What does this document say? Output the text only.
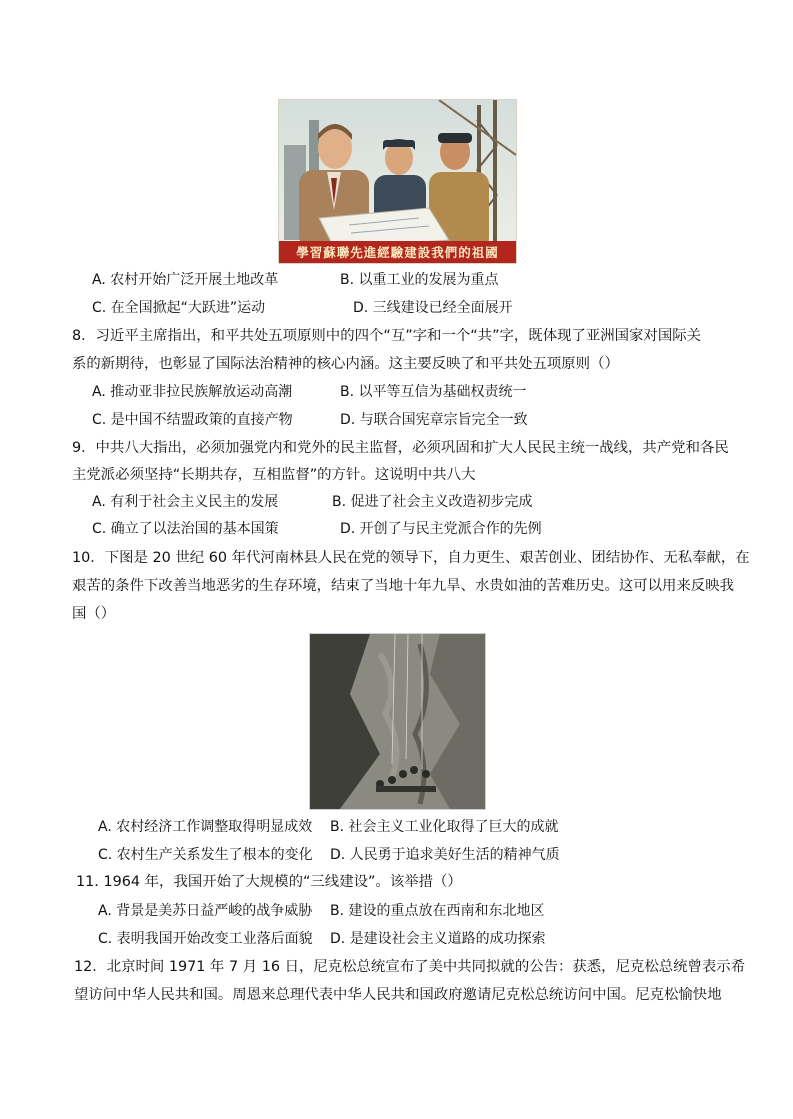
學習蘇聯先進經驗建設我們的祖國
A. 农村开始广泛开展土地改革	B. 以重工业的发展为重点
C. 在全国掀起“大跃进”运动	D. 三线建设已经全面展开
8．习近平主席指出，和平共处五项原则中的四个“互”字和一个“共”字，既体现了亚洲国家对国际关
系的新期待，也彰显了国际法治精神的核心内涵。这主要反映了和平共处五项原则（）
A. 推动亚非拉民族解放运动高潮	B. 以平等互信为基础权责统一
C. 是中国不结盟政策的直接产物	D. 与联合国宪章宗旨完全一致
9．中共八大指出，必须加强党内和党外的民主监督，必须巩固和扩大人民民主统一战线，共产党和各民
主党派必须坚持“长期共存，互相监督”的方针。这说明中共八大
A. 有利于社会主义民主的发展	B. 促进了社会主义改造初步完成
C. 确立了以法治国的基本国策	D. 开创了与民主党派合作的先例
10．下图是 20 世纪 60 年代河南林县人民在党的领导下，自力更生、艰苦创业、团结协作、无私奉献，在
艰苦的条件下改善当地恶劣的生存环境，结束了当地十年九旱、水贵如油的苦难历史。这可以用来反映我
国（）
A. 农村经济工作调整取得明显成效 B. 社会主义工业化取得了巨大的成就
C. 农村生产关系发生了根本的变化 D. 人民勇于追求美好生活的精神气质
11. 1964 年，我国开始了大规模的“三线建设”。该举措（）
A. 背景是美苏日益严峻的战争威胁 B. 建设的重点放在西南和东北地区
C. 表明我国开始改变工业落后面貌 D. 是建设社会主义道路的成功探索
12．北京时间 1971 年 7 月 16 日，尼克松总统宣布了美中共同拟就的公告：获悉，尼克松总统曾表示希
望访问中华人民共和国。周恩来总理代表中华人民共和国政府邀请尼克松总统访问中国。尼克松愉快地
